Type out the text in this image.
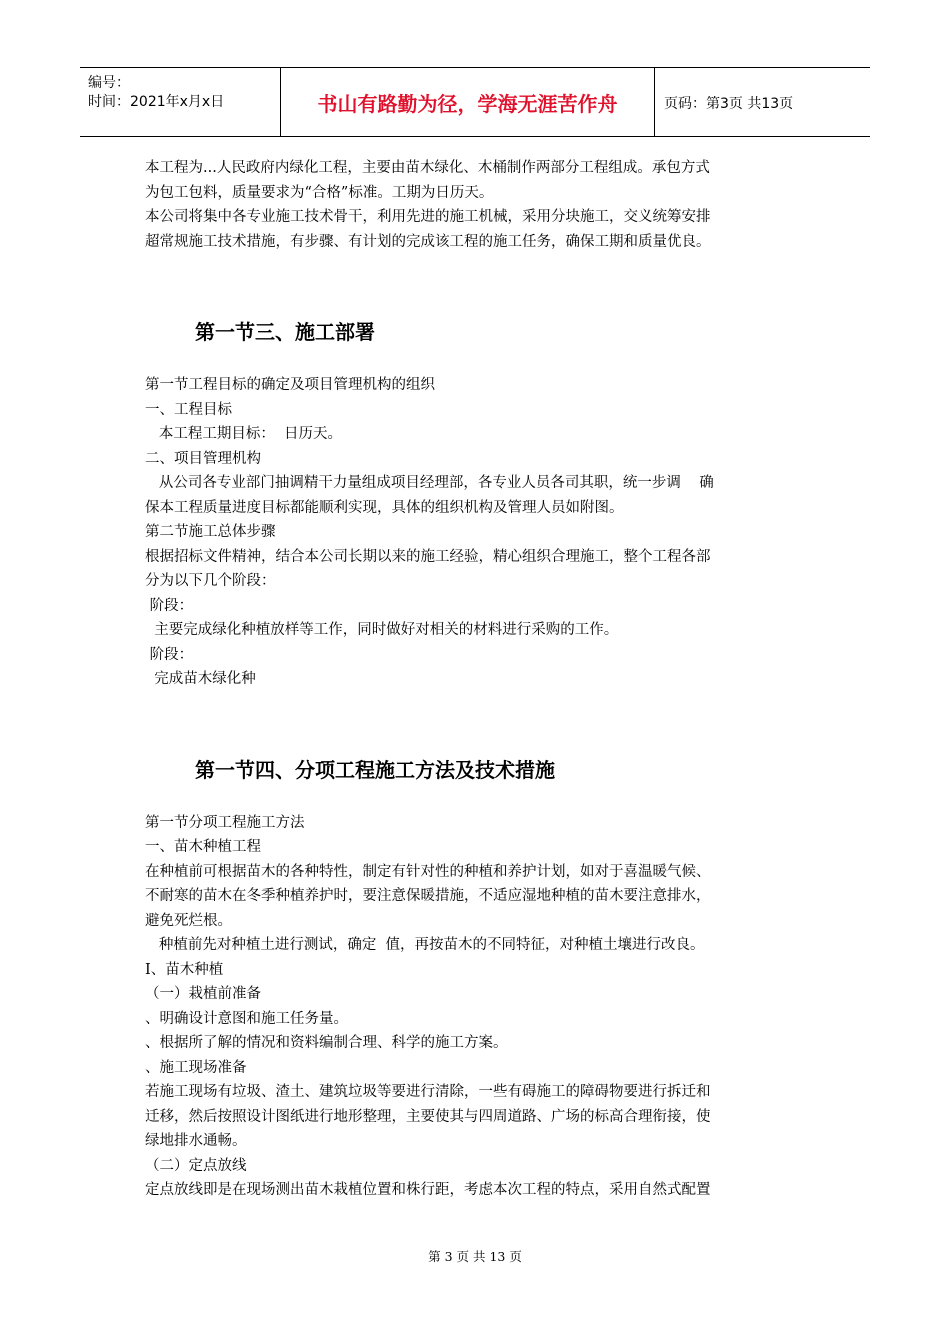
编号：
时间：2021年x月x日	书山有路勤为径，学海无涯苦作舟	页码：第3页 共13页

本工程为...人民政府内绿化工程，主要由苗木绿化、木桶制作两部分工程组成。承包方式

为包工包料，质量要求为“合格”标准。工期为日历天。

本公司将集中各专业施工技术骨干，利用先进的施工机械，采用分块施工，交义统筹安排

超常规施工技术措施，有步骤、有计划的完成该工程的施工任务，确保工期和质量优良。

第一节三、施工部署

第一节工程目标的确定及项目管理机构的组织

一、工程目标

本工程工期目标：  日历天。

二、项目管理机构

从公司各专业部门抽调精干力量组成项目经理部，各专业人员各司其职，统一步调    确

保本工程质量进度目标都能顺利实现，具体的组织机构及管理人员如附图。

第二节施工总体步骤

根据招标文件精神，结合本公司长期以来的施工经验，精心组织合理施工，整个工程各部

分为以下几个阶段：

阶段：

主要完成绿化种植放样等工作，同时做好对相关的材料进行采购的工作。

阶段：

完成苗木绿化种

第一节四、分项工程施工方法及技术措施

第一节分项工程施工方法

一、苗木种植工程

在种植前可根据苗木的各种特性，制定有针对性的种植和养护计划，如对于喜温暖气候、

不耐寒的苗木在冬季种植养护时，要注意保暖措施，不适应湿地种植的苗木要注意排水，

避免死烂根。

种植前先对种植土进行测试，确定  值，再按苗木的不同特征，对种植土壤进行改良。

Ⅰ、苗木种植

（一）栽植前准备

、明确设计意图和施工任务量。

、根据所了解的情况和资料编制合理、科学的施工方案。

、施工现场准备

若施工现场有垃圾、渣土、建筑垃圾等要进行清除，一些有碍施工的障碍物要进行拆迁和

迁移，然后按照设计图纸进行地形整理，主要使其与四周道路、广场的标高合理衔接，使

绿地排水通畅。

（二）定点放线

定点放线即是在现场测出苗木栽植位置和株行距，考虑本次工程的特点，采用自然式配置

第 3 页 共 13 页
